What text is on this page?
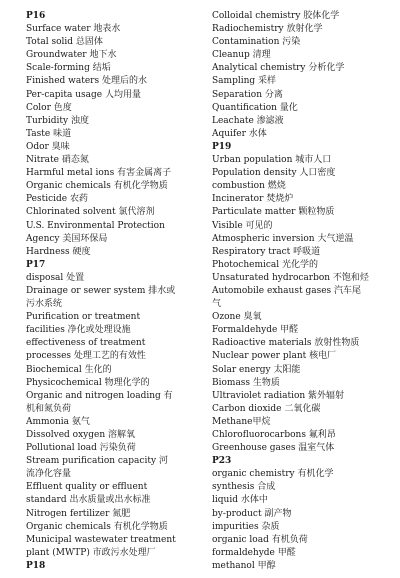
P16
Surface water 地表水
Total solid 总固体
Groundwater 地下水
Scale-forming 结垢
Finished waters 处理后的水
Per-capita usage 人均用量
Color 色度
Turbidity 浊度
Taste 味道
Odor 臭味
Nitrate 硝态氮
Harmful metal ions 有害金属离子
Organic chemicals 有机化学物质
Pesticide 农药
Chlorinated solvent 氯代溶剂
U.S. Environmental Protection
Agency 美国环保局
Hardness 硬度
P17
disposal 处置
Drainage or sewer system 排水或
污水系统
Purification or treatment
facilities 净化或处理设施
effectiveness of treatment
processes 处理工艺的有效性
Biochemical 生化的
Physicochemical 物理化学的
Organic and nitrogen loading 有
机和氮负荷
Ammonia 氨气
Dissolved oxygen 溶解氧
Pollutional load 污染负荷
Stream purification capacity 河
流净化容量
Effluent quality or effluent
standard 出水质量或出水标准
Nitrogen fertilizer 氮肥
Organic chemicals 有机化学物质
Municipal wastewater treatment
plant (MWTP) 市政污水处理厂
P18
Colloidal chemistry 胶体化学
Radiochemistry 放射化学
Contamination 污染
Cleanup 清理
Analytical chemistry 分析化学
Sampling 采样
Separation 分离
Quantification 量化
Leachate 渗滤液
Aquifer 水体
P19
Urban population 城市人口
Population density 人口密度
combustion 燃烧
Incinerator 焚烧炉
Particulate matter 颗粒物质
Visible 可见的
Atmospheric inversion 大气逆温
Respiratory tract 呼吸道
Photochemical 光化学的
Unsaturated hydrocarbon 不饱和烃
Automobile exhaust gases 汽车尾
气
Ozone 臭氧
Formaldehyde 甲醛
Radioactive materials 放射性物质
Nuclear power plant 核电厂
Solar energy 太阳能
Biomass 生物质
Ultraviolet radiation 紫外辐射
Carbon dioxide 二氧化碳
Methane甲烷
Chlorofluorocarbons 氟利昂
Greenhouse gases 温室气体
P23
organic chemistry 有机化学
synthesis 合成
liquid 水体中
by-product 副产物
impurities 杂质
organic load 有机负荷
formaldehyde 甲醛
methanol 甲醇
